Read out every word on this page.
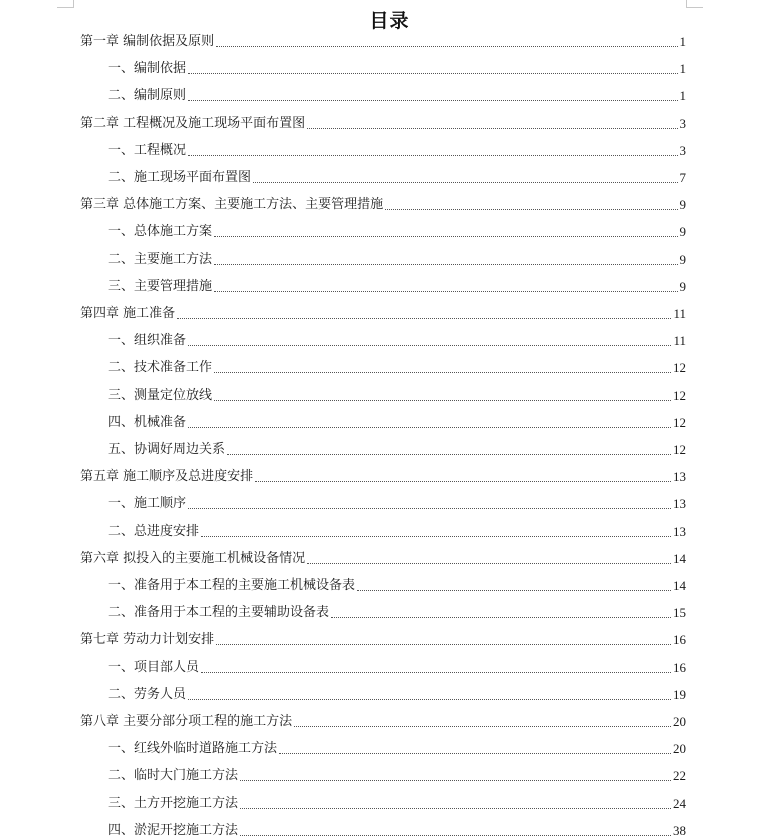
目录
第一章 编制依据及原则	1
一、编制依据	1
二、编制原则	1
第二章 工程概况及施工现场平面布置图	3
一、工程概况	3
二、施工现场平面布置图	7
第三章 总体施工方案、主要施工方法、主要管理措施	9
一、总体施工方案	9
二、主要施工方法	9
三、主要管理措施	9
第四章 施工准备	11
一、组织准备	11
二、技术准备工作	12
三、测量定位放线	12
四、机械准备	12
五、协调好周边关系	12
第五章 施工顺序及总进度安排	13
一、施工顺序	13
二、总进度安排	13
第六章 拟投入的主要施工机械设备情况	14
一、准备用于本工程的主要施工机械设备表	14
二、准备用于本工程的主要辅助设备表	15
第七章 劳动力计划安排	16
一、项目部人员	16
二、劳务人员	19
第八章 主要分部分项工程的施工方法	20
一、红线外临时道路施工方法	20
二、临时大门施工方法	22
三、土方开挖施工方法	24
四、淤泥开挖施工方法	38
